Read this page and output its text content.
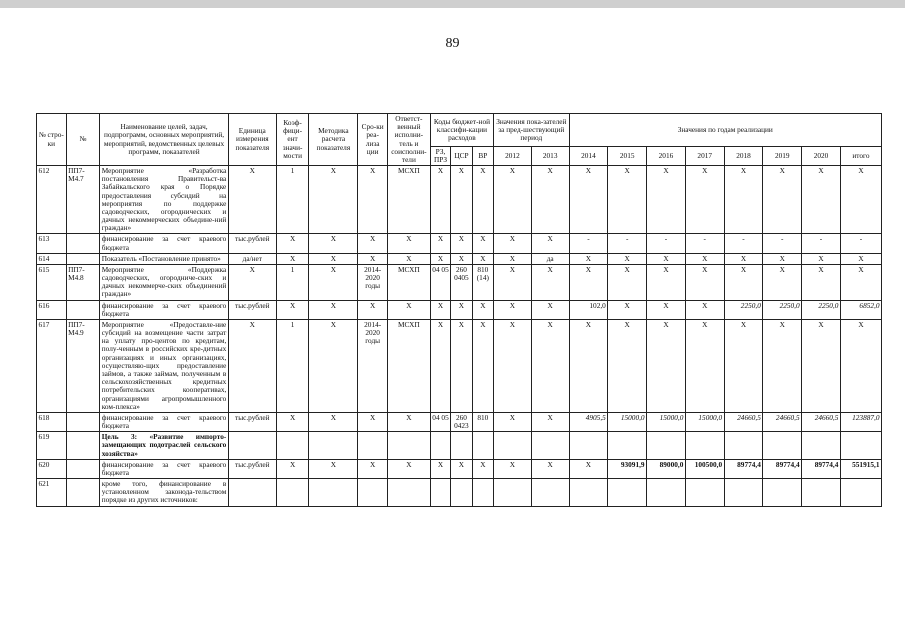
89
№ стро-ки	№	Наименование целей, задач, подпрограмм, основных мероприятий, мероприятий, ведомственных целевых программ, показателей	Единица измерения показателя	Коэф-фици-ент значи-мости	Методика расчета показателя	Сро-ки реа-лиза ции	Ответст-венный исполни-тель и соисполни-тели	Коды бюджет-ной классифи-кации расходов			Значения пока-зателей за пред-шествующий период		Значения по годам реализации							
								РЗ, ПРЗ	ЦСР	ВР	2012	2013	2014	2015	2016	2017	2018	2019	2020	итого
612	ПП7-М4.7	Мероприятие «Разработка постановления Правительст-ва Забайкальского края о Порядке предоставления субсидий на мероприятия по поддержке садоводческих, огороднических и дачных некоммерческих объедине-ний граждан»	X	1	X	X	МСХП	X	X	X	X	X	X	X	X	X	X	X	X	X
613		финансирование за счет краевого бюджета	тыс.рублей	X	X	X	X	X	X	X	X	X	-	-	-	-	-	-	-	-
614		Показатель «Постановление принято»	да/нет	X	X	X	X	X	X	X	X	да	X	X	X	X	X	X	X	X
615	ПП7-М4.8	Мероприятие «Поддержка садоводческих, огородниче-ских и дачных некоммерче-ских объединений граждан»	X	1	X	2014-2020 годы	МСХП	04 05	260 0405	810 (14)	X	X	X	X	X	X	X	X	X	X
616		финансирование за счет краевого бюджета	тыс.рублей	X	X	X	X	X	X	X	X	X	102,0	X	X	X	2250,0	2250,0	2250,0	6852,0
617	ПП7-М4.9	Мероприятие «Предоставле-ние субсидий на возмещение части затрат на уплату про-центов по кредитам, полу-ченным в российских кре-дитных организациях и иных организациях, осуществляю-щих предоставление займов, а также займам, полученным в сельскохозяйственных кредитных потребительских кооперативах, организациями агропромышленного ком-плекса»	X	1	X	2014-2020 годы	МСХП	X	X	X	X	X	X	X	X	X	X	X	X	X
618		финансирование за счет краевого бюджета	тыс.рублей	X	X	X	X	04 05	260 0423	810	X	X	4905,5	15000,0	15000,0	15000,0	24660,5	24660,5	24660,5	123887,0
619		Цель 3: «Развитие импорто-замещающих подотраслей сельского хозяйства»																		
620		финансирование за счет краевого бюджета	тыс.рублей	X	X	X	X	X	X	X	X	X	X	93091,9	89000,0	100500,0	89774,4	89774,4	89774,4	551915,1
621		кроме того, финансирование в установленном законода-тельством порядке из других источников:																		
